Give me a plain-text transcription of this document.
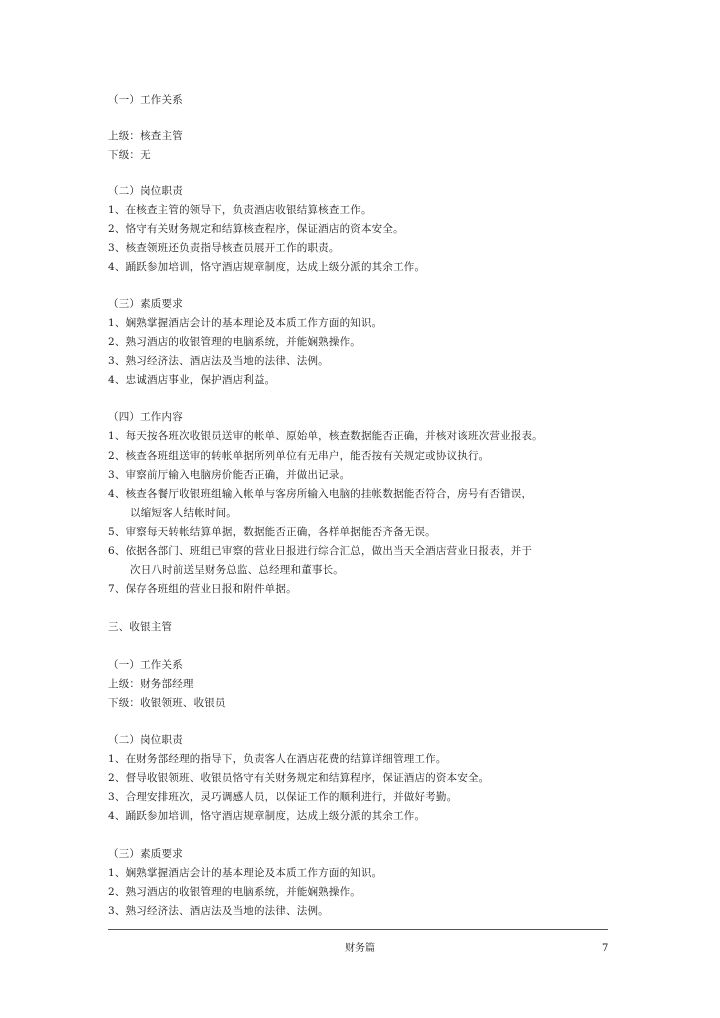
（一）工作关系

上级：核查主管

下级：无

（二）岗位职责

1、在核查主管的领导下，负责酒店收银结算核查工作。

2、恪守有关财务规定和结算核查程序，保证酒店的资本安全。

3、核查领班还负责指导核查员展开工作的职责。

4、踊跃参加培训，恪守酒店规章制度，达成上级分派的其余工作。

（三）素质要求

1、娴熟掌握酒店会计的基本理论及本质工作方面的知识。

2、熟习酒店的收银管理的电脑系统，并能娴熟操作。

3、熟习经济法、酒店法及当地的法律、法例。

4、忠诚酒店事业，保护酒店利益。

（四）工作内容

1、每天按各班次收银员送审的帐单、原始单，核查数据能否正确，并核对该班次营业报表。

2、核查各班组送审的转帐单据所列单位有无串户，能否按有关规定或协议执行。

3、审察前厅输入电脑房价能否正确，并做出记录。

4、核查各餐厅收银班组输入帐单与客房所输入电脑的挂帐数据能否符合，房号有否错误，

以缩短客人结帐时间。

5、审察每天转帐结算单据，数据能否正确，各样单据能否齐备无误。

6、依据各部门、班组已审察的营业日报进行综合汇总，做出当天全酒店营业日报表，并于

次日八时前送呈财务总监、总经理和董事长。

7、保存各班组的营业日报和附件单据。

三、收银主管

（一）工作关系

上级：财务部经理

下级：收银领班、收银员

（二）岗位职责

1、在财务部经理的指导下，负责客人在酒店花费的结算详细管理工作。

2、督导收银领班、收银员恪守有关财务规定和结算程序，保证酒店的资本安全。

3、合理安排班次，灵巧调感人员，以保证工作的顺利进行，并做好考勤。

4、踊跃参加培训，恪守酒店规章制度，达成上级分派的其余工作。

（三）素质要求

1、娴熟掌握酒店会计的基本理论及本质工作方面的知识。

2、熟习酒店的收银管理的电脑系统，并能娴熟操作。

3、熟习经济法、酒店法及当地的法律、法例。

财务篇	7
